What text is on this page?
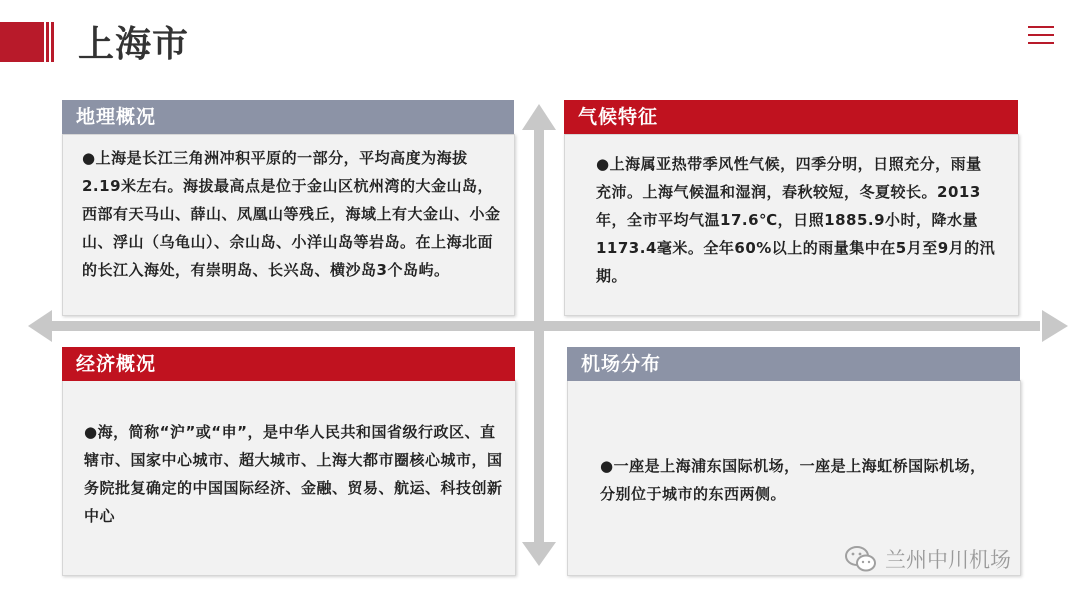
上海市
地理概况
●上海是长江三角洲冲积平原的一部分，平均高度为海拔2.19米左右。海拔最高点是位于金山区杭州湾的大金山岛，西部有天马山、薛山、凤凰山等残丘，海域上有大金山、小金山、浮山（乌龟山）、佘山岛、小洋山岛等岩岛。在上海北面的长江入海处，有崇明岛、长兴岛、横沙岛3个岛屿。
气候特征
●上海属亚热带季风性气候，四季分明，日照充分，雨量充沛。上海气候温和湿润，春秋较短，冬夏较长。2013年，全市平均气温17.6℃，日照1885.9小时，降水量1173.4毫米。全年60%以上的雨量集中在5月至9月的汛期。
经济概况
●海，简称“沪”或“申”，是中华人民共和国省级行政区、直辖市、国家中心城市、超大城市、上海大都市圈核心城市，国务院批复确定的中国国际经济、金融、贸易、航运、科技创新中心
机场分布
●一座是上海浦东国际机场，一座是上海虹桥国际机场，分别位于城市的东西两侧。
兰州中川机场
